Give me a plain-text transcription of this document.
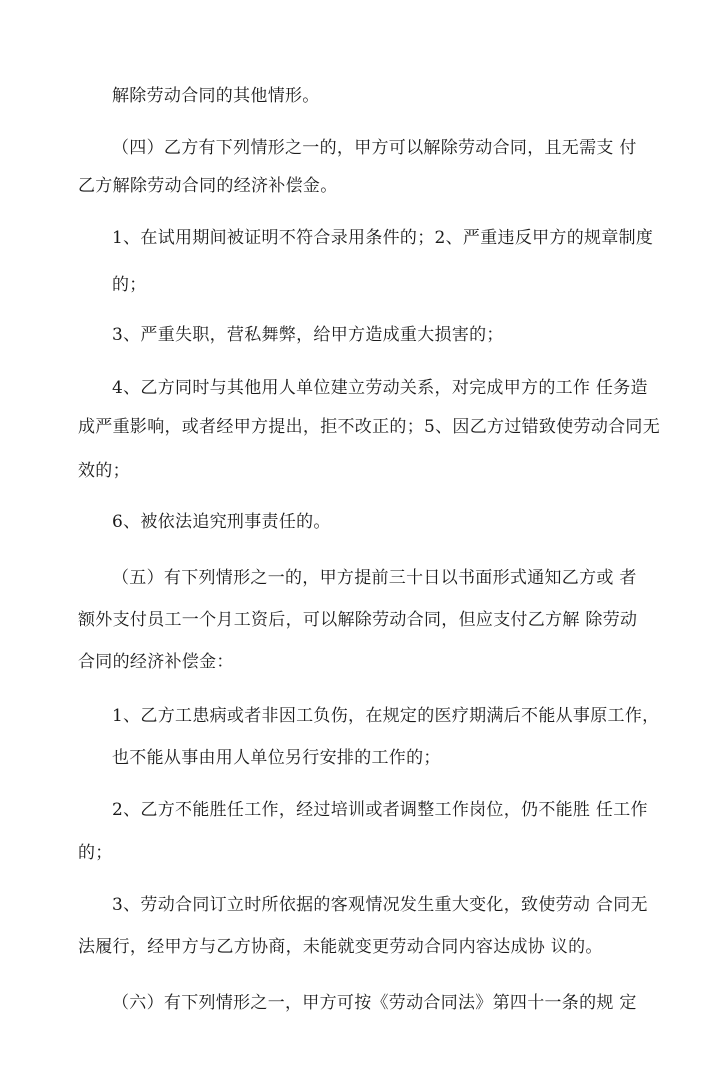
解除劳动合同的其他情形。
（四）乙方有下列情形之一的，甲方可以解除劳动合同，且无需支 付
乙方解除劳动合同的经济补偿金。
1、在试用期间被证明不符合录用条件的；2、严重违反甲方的规章制度
的；
3、严重失职，营私舞弊，给甲方造成重大损害的；
4、乙方同时与其他用人单位建立劳动关系，对完成甲方的工作 任务造
成严重影响，或者经甲方提出，拒不改正的；5、因乙方过错致使劳动合同无
效的；
6、被依法追究刑事责任的。
（五）有下列情形之一的，甲方提前三十日以书面形式通知乙方或 者
额外支付员工一个月工资后，可以解除劳动合同，但应支付乙方解 除劳动
合同的经济补偿金：
1、乙方工患病或者非因工负伤，在规定的医疗期满后不能从事原工作，
也不能从事由用人单位另行安排的工作的；
2、乙方不能胜任工作，经过培训或者调整工作岗位，仍不能胜 任工作
的；
3、劳动合同订立时所依据的客观情况发生重大变化，致使劳动 合同无
法履行，经甲方与乙方协商，未能就变更劳动合同内容达成协 议的。
（六）有下列情形之一，甲方可按《劳动合同法》第四十一条的规 定
